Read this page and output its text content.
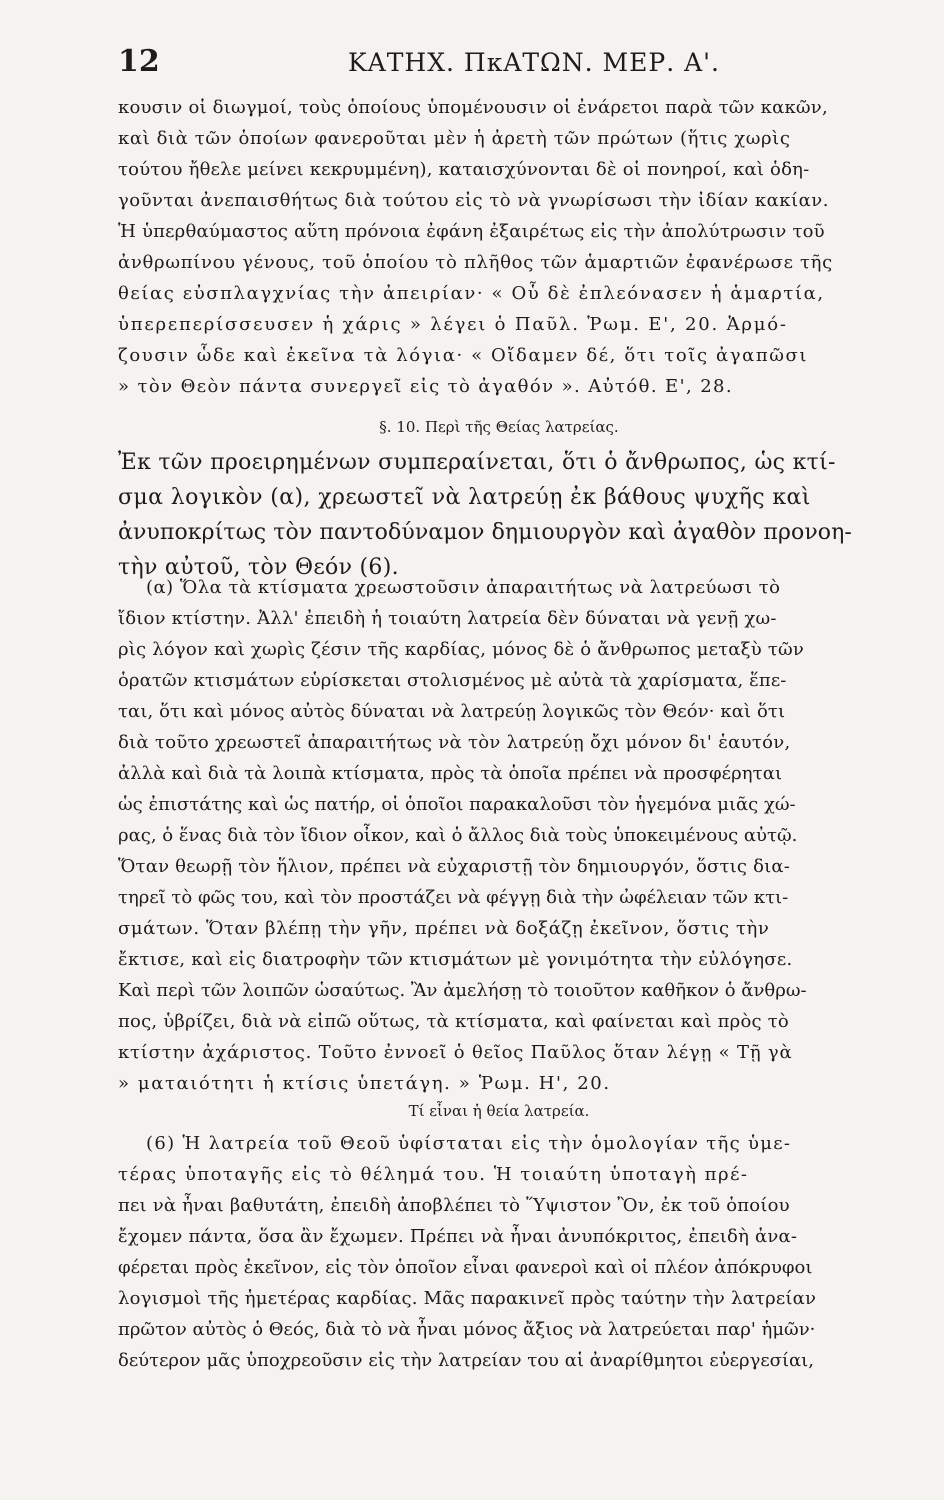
12	ΚΑΤΗΧ. ΠκΑΤΩΝ. ΜΕΡ. Α'.
κουσιν οἱ διωγμοί, τοὺς ὁποίους ὑπομένουσιν οἱ ἐνάρετοι παρὰ τῶν κακῶν,
καὶ διὰ τῶν ὁποίων φανεροῦται μὲν ἡ ἀρετὴ τῶν πρώτων (ἥτις χωρὶς
τούτου ἤθελε μείνει κεκρυμμένη), καταισχύνονται δὲ οἱ πονηροί, καὶ ὁδη-
γοῦνται ἀνεπαισθήτως διὰ τούτου εἰς τὸ νὰ γνωρίσωσι τὴν ἰδίαν κακίαν.
Ἡ ὑπερθαύμαστος αὕτη πρόνοια ἐφάνη ἐξαιρέτως εἰς τὴν ἀπολύτρωσιν τοῦ
ἀνθρωπίνου γένους, τοῦ ὁποίου τὸ πλῆθος τῶν ἁμαρτιῶν ἐφανέρωσε τῆς
θείας εὐσπλαγχνίας τὴν ἀπειρίαν· « Οὗ δὲ ἐπλεόνασεν ἡ ἁμαρτία,
ὑπερεπερίσσευσεν ἡ χάρις » λέγει ὁ Παῦλ. Ῥωμ. Ε', 20. Ἁρμό-
ζουσιν ὧδε καὶ ἐκεῖνα τὰ λόγια· « Οἴδαμεν δέ, ὅτι τοῖς ἀγαπῶσι
» τὸν Θεὸν πάντα συνεργεῖ εἰς τὸ ἀγαθόν ». Αὐτόθ. Ε', 28.
§. 10. Περὶ τῆς Θείας λατρείας.
Ἐκ τῶν προειρημένων συμπεραίνεται, ὅτι ὁ ἄνθρωπος, ὡς κτί-
σμα λογικὸν (α), χρεωστεῖ νὰ λατρεύῃ ἐκ βάθους ψυχῆς καὶ
ἀνυποκρίτως τὸν παντοδύναμον δημιουργὸν καὶ ἀγαθὸν προνοη-
τὴν αὐτοῦ, τὸν Θεόν (6).
(α) Ὅλα τὰ κτίσματα χρεωστοῦσιν ἀπαραιτήτως νὰ λατρεύωσι τὸ
ἴδιον κτίστην. Ἀλλ' ἐπειδὴ ἡ τοιαύτη λατρεία δὲν δύναται νὰ γενῇ χω-
ρὶς λόγον καὶ χωρὶς ζέσιν τῆς καρδίας, μόνος δὲ ὁ ἄνθρωπος μεταξὺ τῶν
ὁρατῶν κτισμάτων εὑρίσκεται στολισμένος μὲ αὐτὰ τὰ χαρίσματα, ἕπε-
ται, ὅτι καὶ μόνος αὐτὸς δύναται νὰ λατρεύῃ λογικῶς τὸν Θεόν· καὶ ὅτι
διὰ τοῦτο χρεωστεῖ ἀπαραιτήτως νὰ τὸν λατρεύῃ ὄχι μόνον δι' ἑαυτόν,
ἀλλὰ καὶ διὰ τὰ λοιπὰ κτίσματα, πρὸς τὰ ὁποῖα πρέπει νὰ προσφέρηται
ὡς ἐπιστάτης καὶ ὡς πατήρ, οἱ ὁποῖοι παρακαλοῦσι τὸν ἡγεμόνα μιᾶς χώ-
ρας, ὁ ἕνας διὰ τὸν ἴδιον οἶκον, καὶ ὁ ἄλλος διὰ τοὺς ὑποκειμένους αὐτῷ.
Ὅταν θεωρῇ τὸν ἥλιον, πρέπει νὰ εὐχαριστῇ τὸν δημιουργόν, ὅστις δια-
τηρεῖ τὸ φῶς του, καὶ τὸν προστάζει νὰ φέγγῃ διὰ τὴν ὠφέλειαν τῶν κτι-
σμάτων. Ὅταν βλέπῃ τὴν γῆν, πρέπει νὰ δοξάζῃ ἐκεῖνον, ὅστις τὴν
ἔκτισε, καὶ εἰς διατροφὴν τῶν κτισμάτων μὲ γονιμότητα τὴν εὐλόγησε.
Καὶ περὶ τῶν λοιπῶν ὡσαύτως. Ἂν ἀμελήσῃ τὸ τοιοῦτον καθῆκον ὁ ἄνθρω-
πος, ὑβρίζει, διὰ νὰ εἰπῶ οὕτως, τὰ κτίσματα, καὶ φαίνεται καὶ πρὸς τὸ
κτίστην ἀχάριστος. Τοῦτο ἐννοεῖ ὁ θεῖος Παῦλος ὅταν λέγῃ « Τῇ γὰ
» ματαιότητι ἡ κτίσις ὑπετάγη. » Ῥωμ. Η', 20.
Τί εἶναι ἡ θεία λατρεία.
(6) Ἡ λατρεία τοῦ Θεοῦ ὑφίσταται εἰς τὴν ὁμολογίαν τῆς ὑμε-
τέρας ὑποταγῆς εἰς τὸ θέλημά του. Ἡ τοιαύτη ὑποταγὴ πρέ-
πει νὰ ἦναι βαθυτάτη, ἐπειδὴ ἀποβλέπει τὸ Ὕψιστον Ὂν, ἐκ τοῦ ὁποίου
ἔχομεν πάντα, ὅσα ἂν ἔχωμεν. Πρέπει νὰ ἦναι ἀνυπόκριτος, ἐπειδὴ ἀνα-
φέρεται πρὸς ἐκεῖνον, εἰς τὸν ὁποῖον εἶναι φανεροὶ καὶ οἱ πλέον ἀπόκρυφοι
λογισμοὶ τῆς ἡμετέρας καρδίας. Μᾶς παρακινεῖ πρὸς ταύτην τὴν λατρείαν
πρῶτον αὐτὸς ὁ Θεός, διὰ τὸ νὰ ἦναι μόνος ἄξιος νὰ λατρεύεται παρ' ἡμῶν·
δεύτερον μᾶς ὑποχρεοῦσιν εἰς τὴν λατρείαν του αἱ ἀναρίθμητοι εὐεργεσίαι,
